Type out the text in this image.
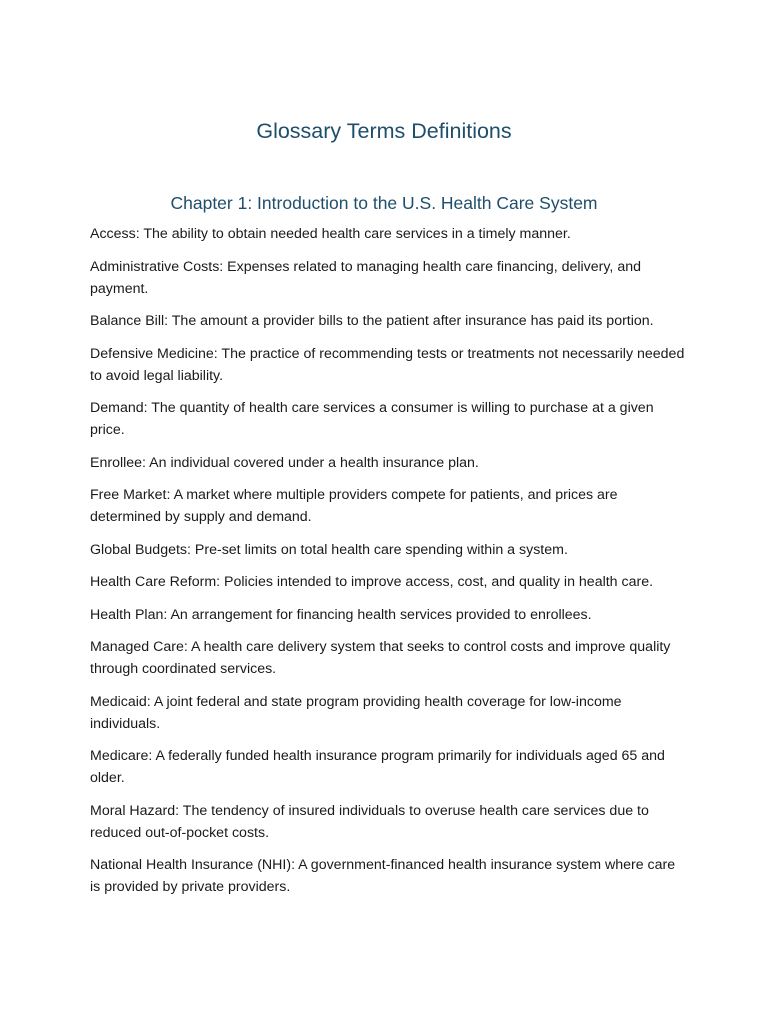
Glossary Terms Definitions
Chapter 1: Introduction to the U.S. Health Care System
Access: The ability to obtain needed health care services in a timely manner.
Administrative Costs: Expenses related to managing health care financing, delivery, and payment.
Balance Bill: The amount a provider bills to the patient after insurance has paid its portion.
Defensive Medicine: The practice of recommending tests or treatments not necessarily needed to avoid legal liability.
Demand: The quantity of health care services a consumer is willing to purchase at a given price.
Enrollee: An individual covered under a health insurance plan.
Free Market: A market where multiple providers compete for patients, and prices are determined by supply and demand.
Global Budgets: Pre-set limits on total health care spending within a system.
Health Care Reform: Policies intended to improve access, cost, and quality in health care.
Health Plan: An arrangement for financing health services provided to enrollees.
Managed Care: A health care delivery system that seeks to control costs and improve quality through coordinated services.
Medicaid: A joint federal and state program providing health coverage for low-income individuals.
Medicare: A federally funded health insurance program primarily for individuals aged 65 and older.
Moral Hazard: The tendency of insured individuals to overuse health care services due to reduced out-of-pocket costs.
National Health Insurance (NHI): A government-financed health insurance system where care is provided by private providers.
